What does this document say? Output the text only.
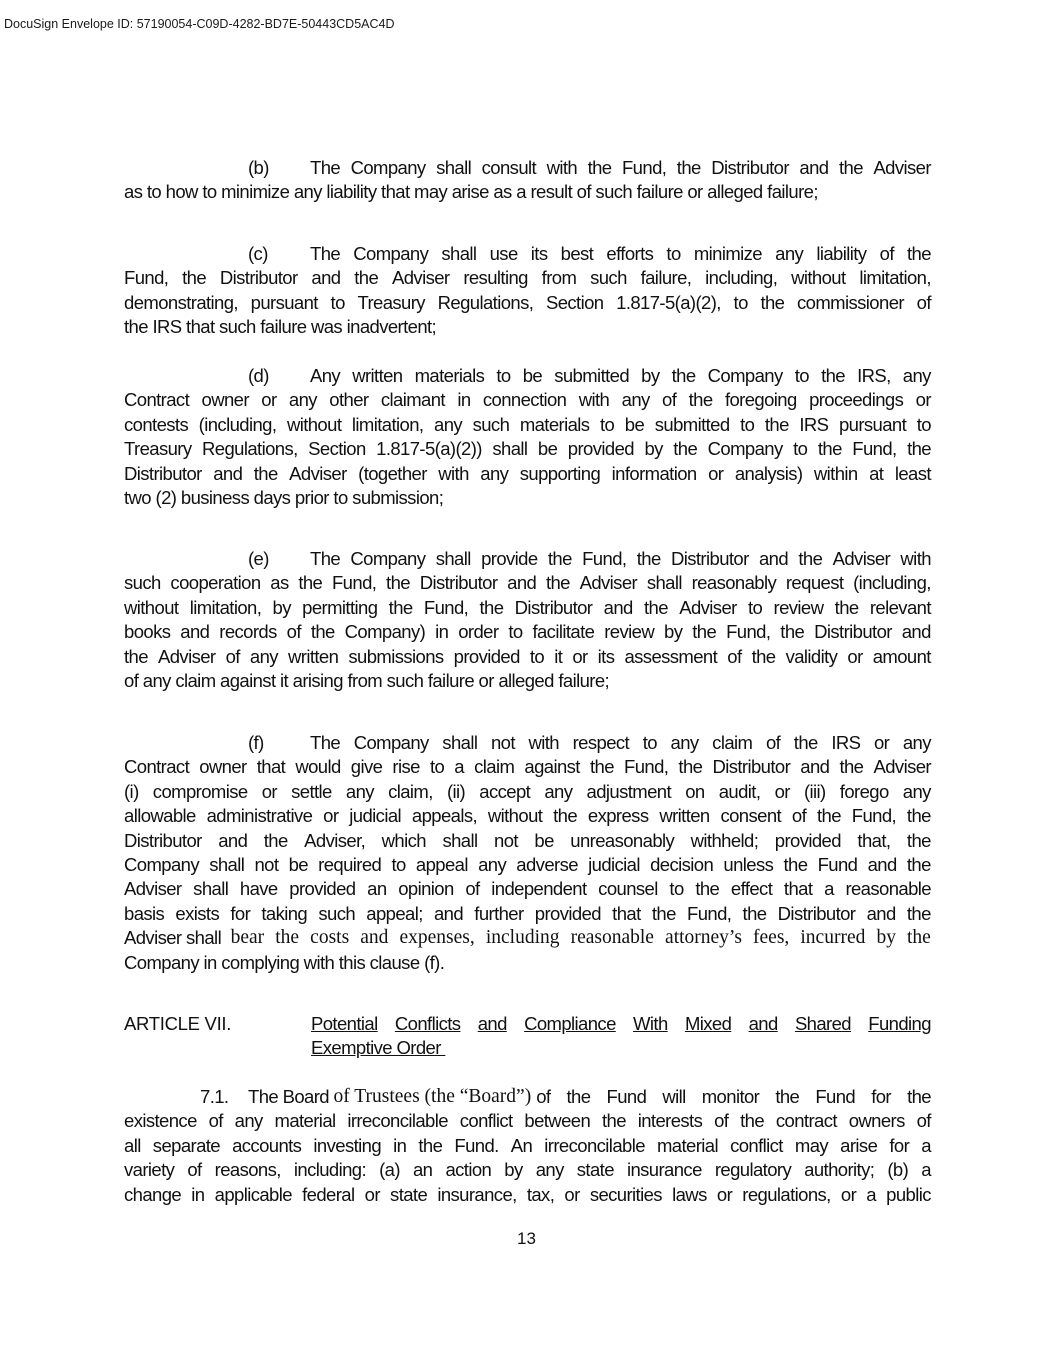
DocuSign Envelope ID: 57190054-C09D-4282-BD7E-50443CD5AC4D
(b) The Company shall consult with the Fund, the Distributor and the Adviser
as to how to minimize any liability that may arise as a result of such failure or alleged failure;
(c) The Company shall use its best efforts to minimize any liability of the
Fund, the Distributor and the Adviser resulting from such failure, including, without limitation,
demonstrating, pursuant to Treasury Regulations, Section 1.817-5(a)(2), to the commissioner of
the IRS that such failure was inadvertent;
(d) Any written materials to be submitted by the Company to the IRS, any
Contract owner or any other claimant in connection with any of the foregoing proceedings or
contests (including, without limitation, any such materials to be submitted to the IRS pursuant to
Treasury Regulations, Section 1.817-5(a)(2)) shall be provided by the Company to the Fund, the
Distributor and the Adviser (together with any supporting information or analysis) within at least
two (2) business days prior to submission;
(e) The Company shall provide the Fund, the Distributor and the Adviser with
such cooperation as the Fund, the Distributor and the Adviser shall reasonably request (including,
without limitation, by permitting the Fund, the Distributor and the Adviser to review the relevant
books and records of the Company) in order to facilitate review by the Fund, the Distributor and
the Adviser of any written submissions provided to it or its assessment of the validity or amount
of any claim against it arising from such failure or alleged failure;
(f)	The Company shall not with respect to any claim of the IRS or any
Contract owner that would give rise to a claim against the Fund, the Distributor and the Adviser
(i) compromise or settle any claim, (ii) accept any adjustment on audit, or (iii) forego any
allowable administrative or judicial appeals, without the express written consent of the Fund, the
Distributor and the Adviser, which shall not be unreasonably withheld; provided that, the
Company shall not be required to appeal any adverse judicial decision unless the Fund and the
Adviser shall have provided an opinion of independent counsel to the effect that a reasonable
basis exists for taking such appeal; and further provided that the Fund, the Distributor and the
Adviser shall bear the costs and expenses, including reasonable attorney’s fees, incurred by the
Company in complying with this clause (f).
ARTICLE VII.	Potential Conflicts and Compliance With Mixed and Shared Funding
Exemptive Order
7.1.	The Board of Trustees (the “Board”) of the Fund will monitor the Fund for the
existence of any material irreconcilable conflict between the interests of the contract owners of
all separate accounts investing in the Fund. An irreconcilable material conflict may arise for a
variety of reasons, including: (a) an action by any state insurance regulatory authority; (b) a
change in applicable federal or state insurance, tax, or securities laws or regulations, or a public
13
